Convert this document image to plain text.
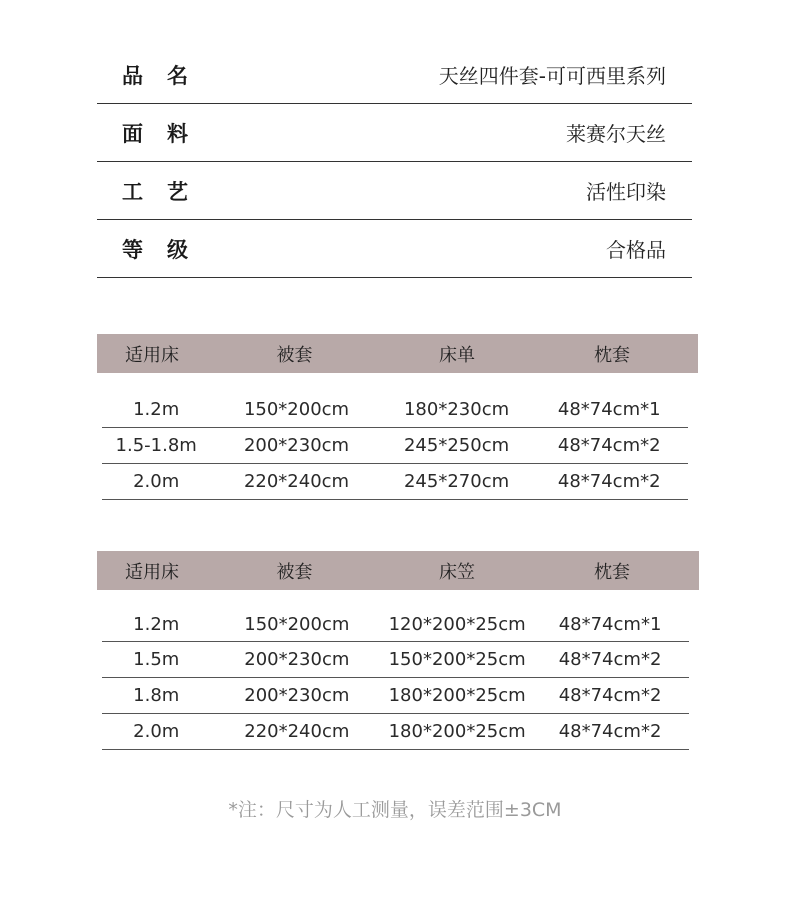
品名	天丝四件套-可可西里系列
面料	莱赛尔天丝
工艺	活性印染
等级	合格品
适用床	被套	床单	枕套
1.2m	150*200cm	180*230cm	48*74cm*1
1.5-1.8m	200*230cm	245*250cm	48*74cm*2
2.0m	220*240cm	245*270cm	48*74cm*2
适用床	被套	床笠	枕套
1.2m	150*200cm	120*200*25cm	48*74cm*1
1.5m	200*230cm	150*200*25cm	48*74cm*2
1.8m	200*230cm	180*200*25cm	48*74cm*2
2.0m	220*240cm	180*200*25cm	48*74cm*2
*注：尺寸为人工测量，误差范围±3CM
